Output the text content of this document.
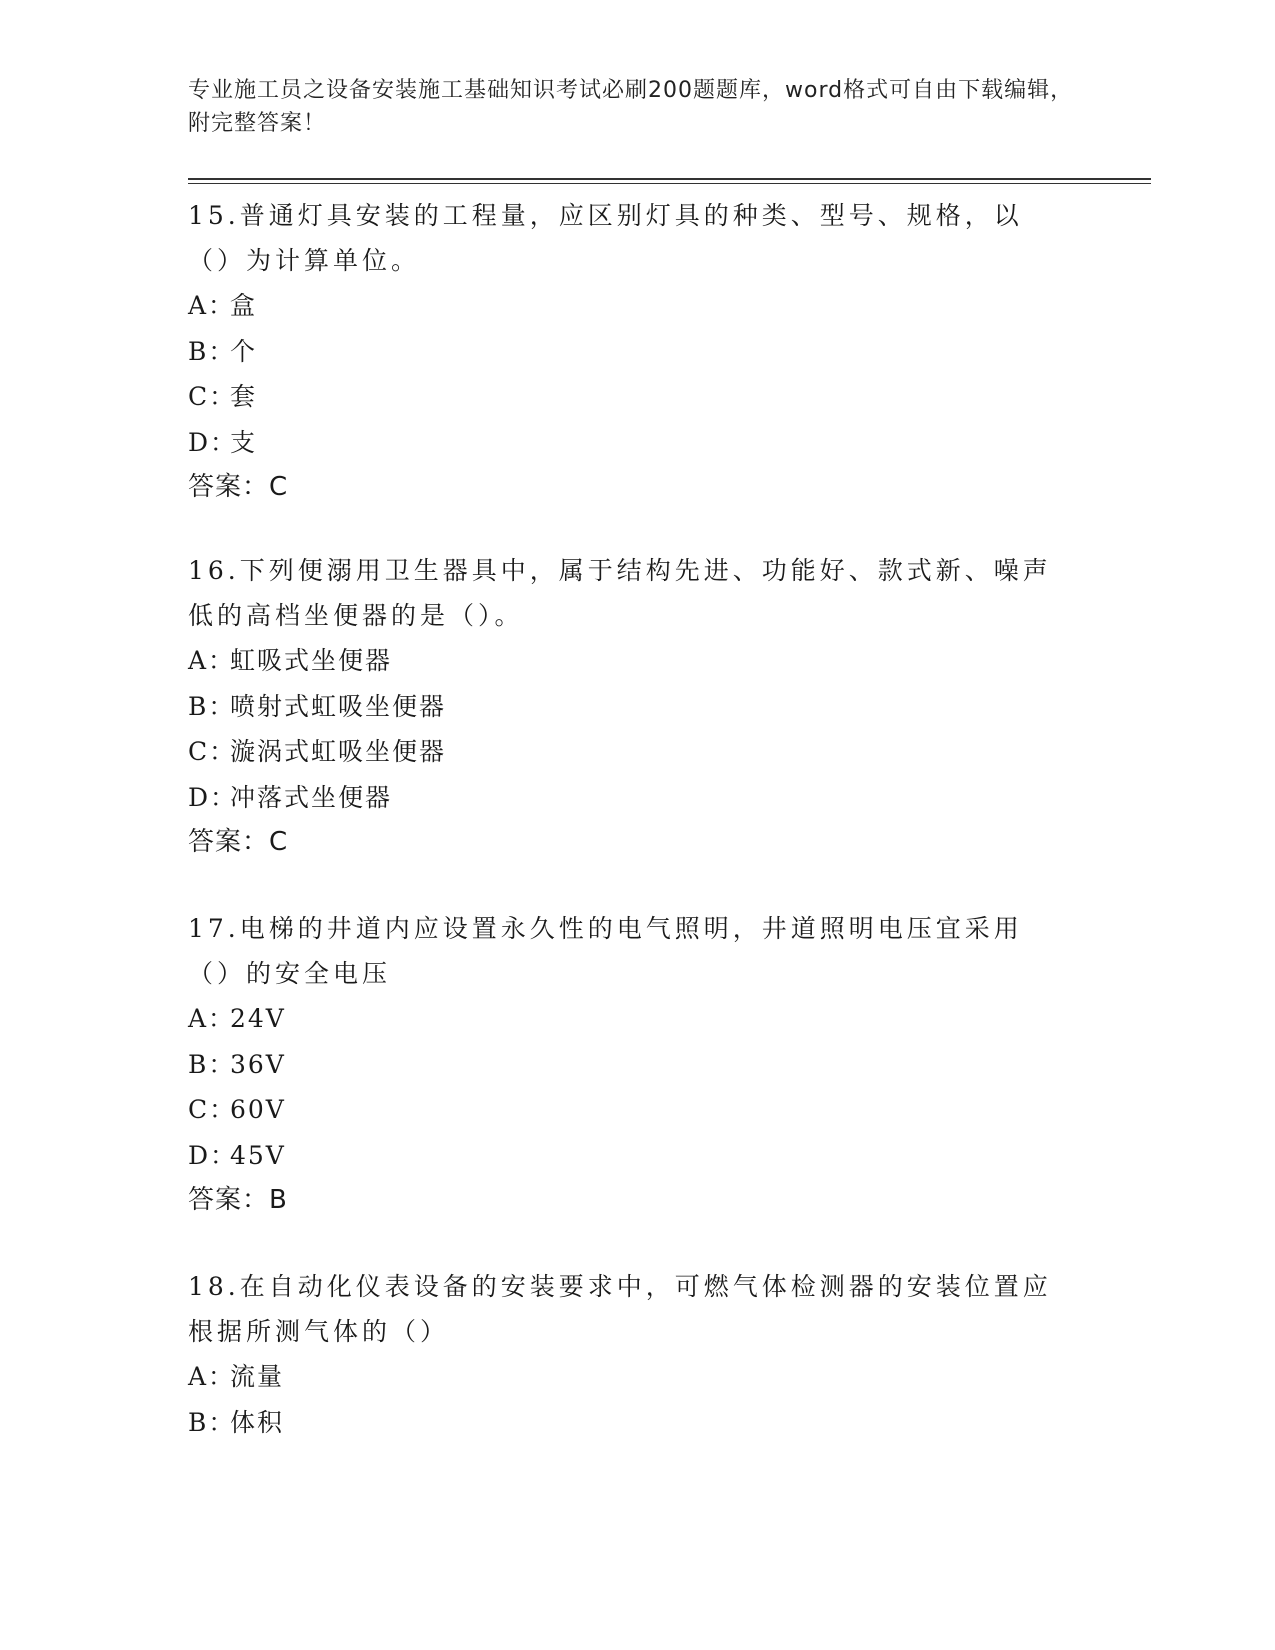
专业施工员之设备安装施工基础知识考试必刷200题题库，word格式可自由下载编辑，附完整答案！

15.普通灯具安装的工程量，应区别灯具的种类、型号、规格，以（）为计算单位。

A：盒

B：个

C：套

D：支

答案：C

16.下列便溺用卫生器具中，属于结构先进、功能好、款式新、噪声低的高档坐便器的是（）。

A：虹吸式坐便器

B：喷射式虹吸坐便器

C：漩涡式虹吸坐便器

D：冲落式坐便器

答案：C

17.电梯的井道内应设置永久性的电气照明，井道照明电压宜采用（）的安全电压

A：24V

B：36V

C：60V

D：45V

答案：B

18.在自动化仪表设备的安装要求中，可燃气体检测器的安装位置应根据所测气体的（）

A：流量

B：体积
